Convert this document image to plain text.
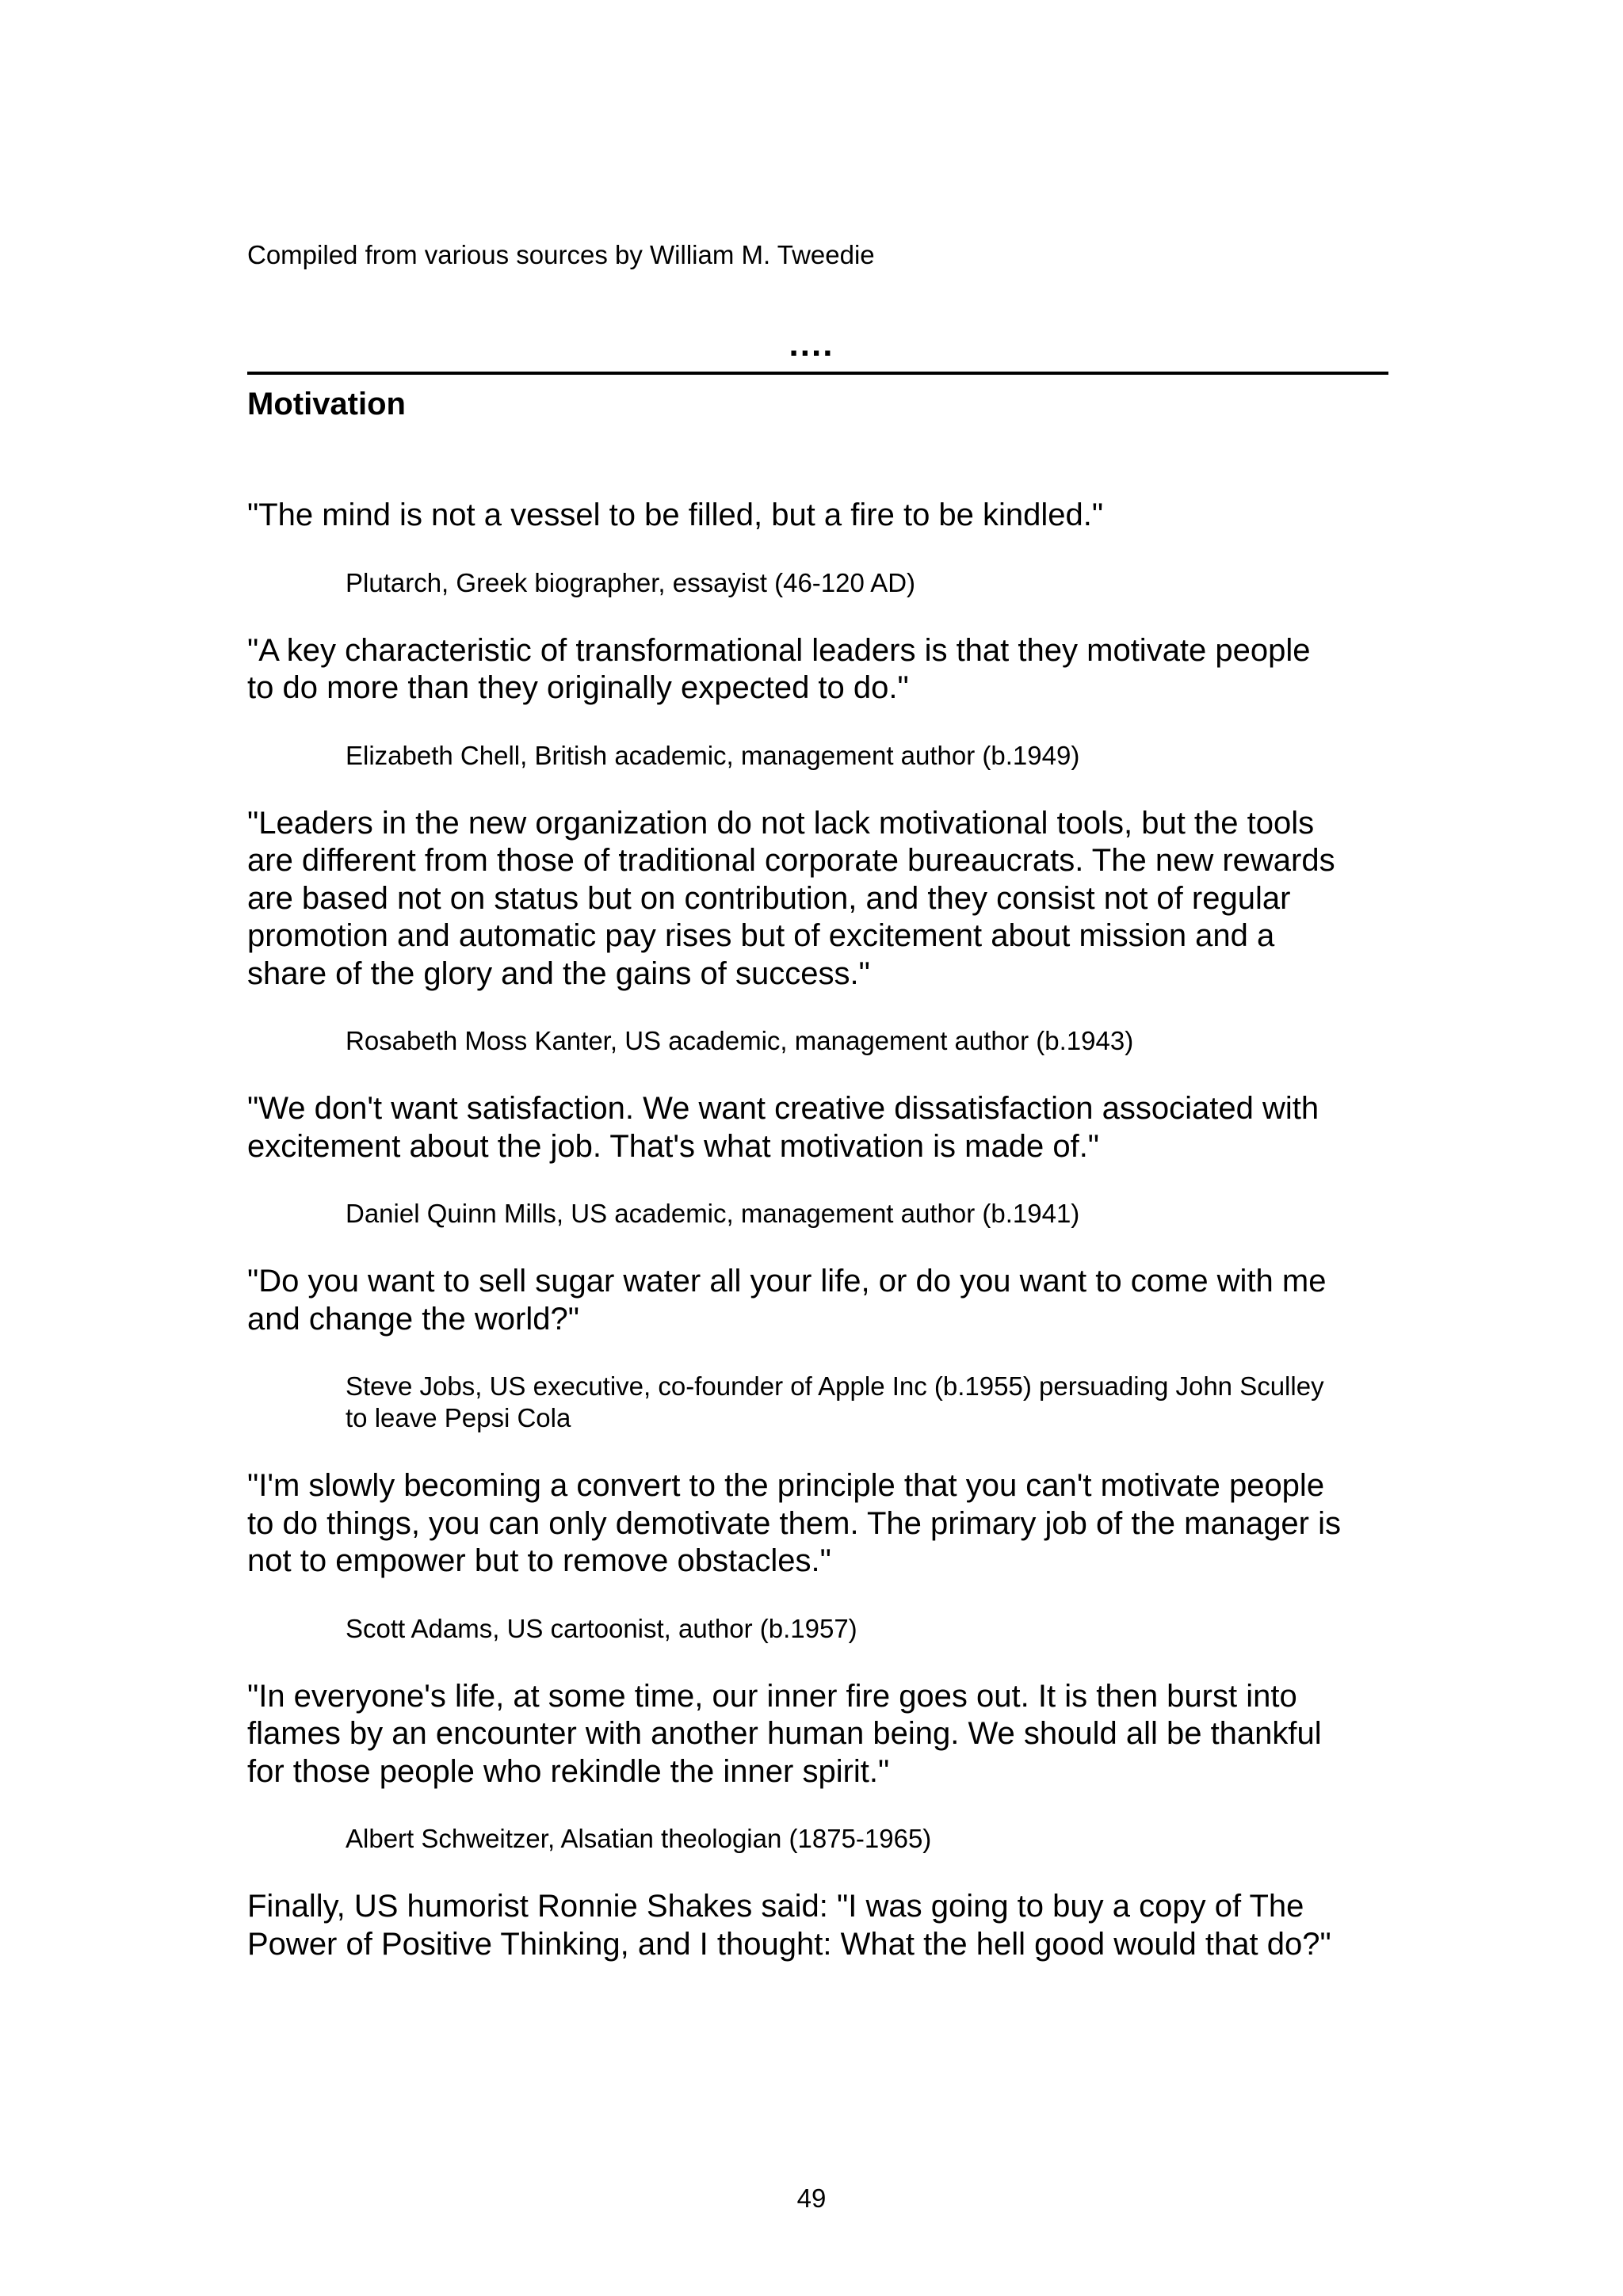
Compiled from various sources by William M. Tweedie
....
Motivation

"The mind is not a vessel to be filled, but a fire to be kindled."

Plutarch, Greek biographer, essayist (46-120 AD)

"A key characteristic of transformational leaders is that they motivate people
to do more than they originally expected to do."

Elizabeth Chell, British academic, management author (b.1949)

"Leaders in the new organization do not lack motivational tools, but the tools
are different from those of traditional corporate bureaucrats. The new rewards
are based not on status but on contribution, and they consist not of regular
promotion and automatic pay rises but of excitement about mission and a
share of the glory and the gains of success."

Rosabeth Moss Kanter, US academic, management author (b.1943)

"We don't want satisfaction. We want creative dissatisfaction associated with
excitement about the job. That's what motivation is made of."

Daniel Quinn Mills, US academic, management author (b.1941)

"Do you want to sell sugar water all your life, or do you want to come with me
and change the world?"

Steve Jobs, US executive, co-founder of Apple Inc (b.1955) persuading John Sculley
to leave Pepsi Cola

"I'm slowly becoming a convert to the principle that you can't motivate people
to do things, you can only demotivate them. The primary job of the manager is
not to empower but to remove obstacles."

Scott Adams, US cartoonist, author (b.1957)

"In everyone's life, at some time, our inner fire goes out. It is then burst into
flames by an encounter with another human being. We should all be thankful
for those people who rekindle the inner spirit."

Albert Schweitzer, Alsatian theologian (1875-1965)

Finally, US humorist Ronnie Shakes said: "I was going to buy a copy of The
Power of Positive Thinking, and I thought: What the hell good would that do?"

49
